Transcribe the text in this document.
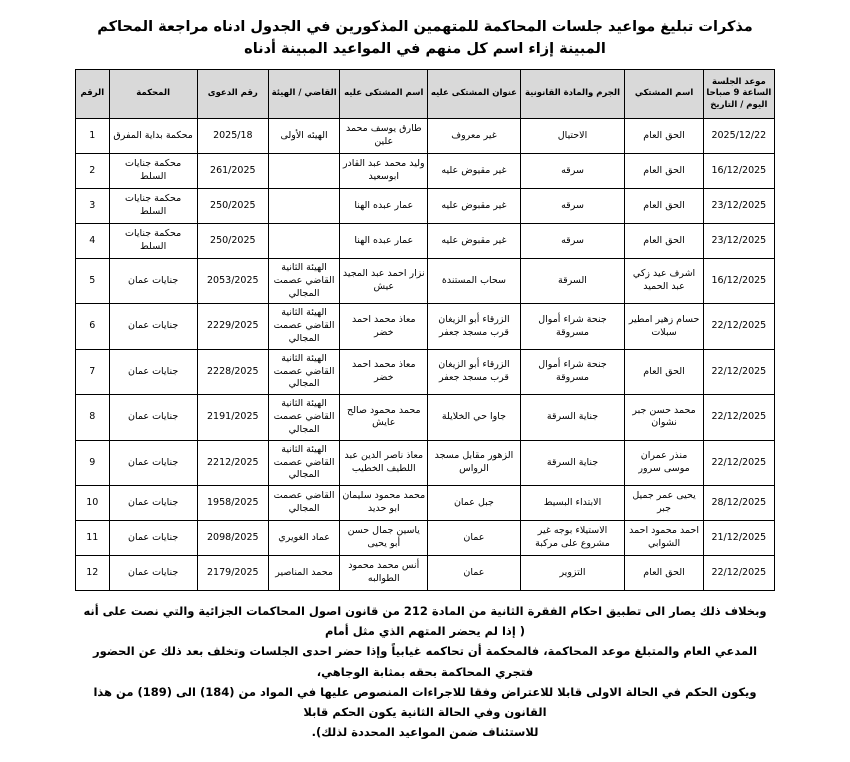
مذكرات تبليغ مواعيد جلسات المحاكمة للمتهمين المذكورين في الجدول ادناه مراجعة المحاكم المبينة إزاء اسم كل منهم في المواعيد المبينة أدناه
موعد الجلسة الساعة 9 صباحا اليوم / التاريخ	اسم المشتكي	الجرم والمادة القانونية	عنوان المشتكى عليه	اسم المشتكى عليه	القاضي / الهيئة	رقم الدعوى	المحكمة	الرقم
2025/12/22	الحق العام	الاحتيال	غير معروف	طارق يوسف محمد علين	الهيئه الأولى	2025/18	محكمة بداية المفرق	1
16/12/2025	الحق العام	سرقه	غير مقيوض عليه	وليد محمد عبد القادر ابوسعيد		261/2025	محكمة جنايات السلط	2
23/12/2025	الحق العام	سرقه	غير مقبوض عليه	عمار عبده الهنا		250/2025	محكمة جنايات السلط	3
23/12/2025	الحق العام	سرقه	غير مقبوض عليه	عمار عبده الهنا		250/2025	محكمة جنايات السلط	4
16/12/2025	اشرف عيد زكي عبد الحميد	السرقة	سحاب المستندة	نزار احمد عبد المجيد عيش	الهيئة الثانية القاضي عصمت المجالي	2053/2025	جنايات عمان	5
22/12/2025	حسام زهير امطير سبلات	جنحة شراء أموال مسروقة	الزرقاء أبو الزيغان قرب مسجد جعفر	معاذ محمد احمد خضر	الهيئة الثانية القاضي عصمت المجالي	2229/2025	جنايات عمان	6
22/12/2025	الحق العام	جنحة شراء أموال مسروقة	الزرقاء أبو الزيغان قرب مسجد جعفر	معاذ محمد احمد خضر	الهيئة الثانية القاضي عصمت المجالي	2228/2025	جنايات عمان	7
22/12/2025	محمد حسن جبر نشوان	جناية السرقة	جاوا حي الخلايلة	محمد محمود صالح عايش	الهيئة الثانية القاضي عصمت المجالي	2191/2025	جنايات عمان	8
22/12/2025	منذر عمران موسى سرور	جناية السرقة	الزهور مقابل مسجد الرواس	معاذ ناصر الدين عبد اللطيف الخطيب	الهيئة الثانية القاضي عصمت المجالي	2212/2025	جنايات عمان	9
28/12/2025	يحيى عمر جميل جبر	الابتداء البسيط	جبل عمان	محمد محمود سليمان ابو حديد	القاضي عصمت المجالي	1958/2025	جنايات عمان	10
21/12/2025	احمد محمود احمد الشوابي	الاستيلاء بوجه غير مشروع على مركبة	عمان	ياسين جمال حسن أبو يحيى	عماد الغويري	2098/2025	جنايات عمان	11
22/12/2025	الحق العام	التزوير	عمان	أنس محمد محمود الطوالبه	محمد المناصير	2179/2025	جنايات عمان	12

وبخلاف ذلك يصار الى تطبيق احكام الفقرة الثانية من المادة 212 من قانون اصول المحاكمات الجزائية والتي نصت على أنه ( إذا لم يحضر المتهم الذي مثل أمام

المدعي العام والمتبلغ موعد المحاكمة، فالمحكمة أن تحاكمه غيابياً وإذا حضر احدى الجلسات وتخلف بعد ذلك عن الحضور فتجري المحاكمة بحقه بمثابة الوجاهي،

ويكون الحكم في الحالة الاولى قابلا للاعتراض وفقا للاجراءات المنصوص عليها في المواد من (184) الى (189) من هذا القانون وفي الحالة الثانية يكون الحكم قابلا

للاستئناف ضمن المواعيد المحددة لذلك).
